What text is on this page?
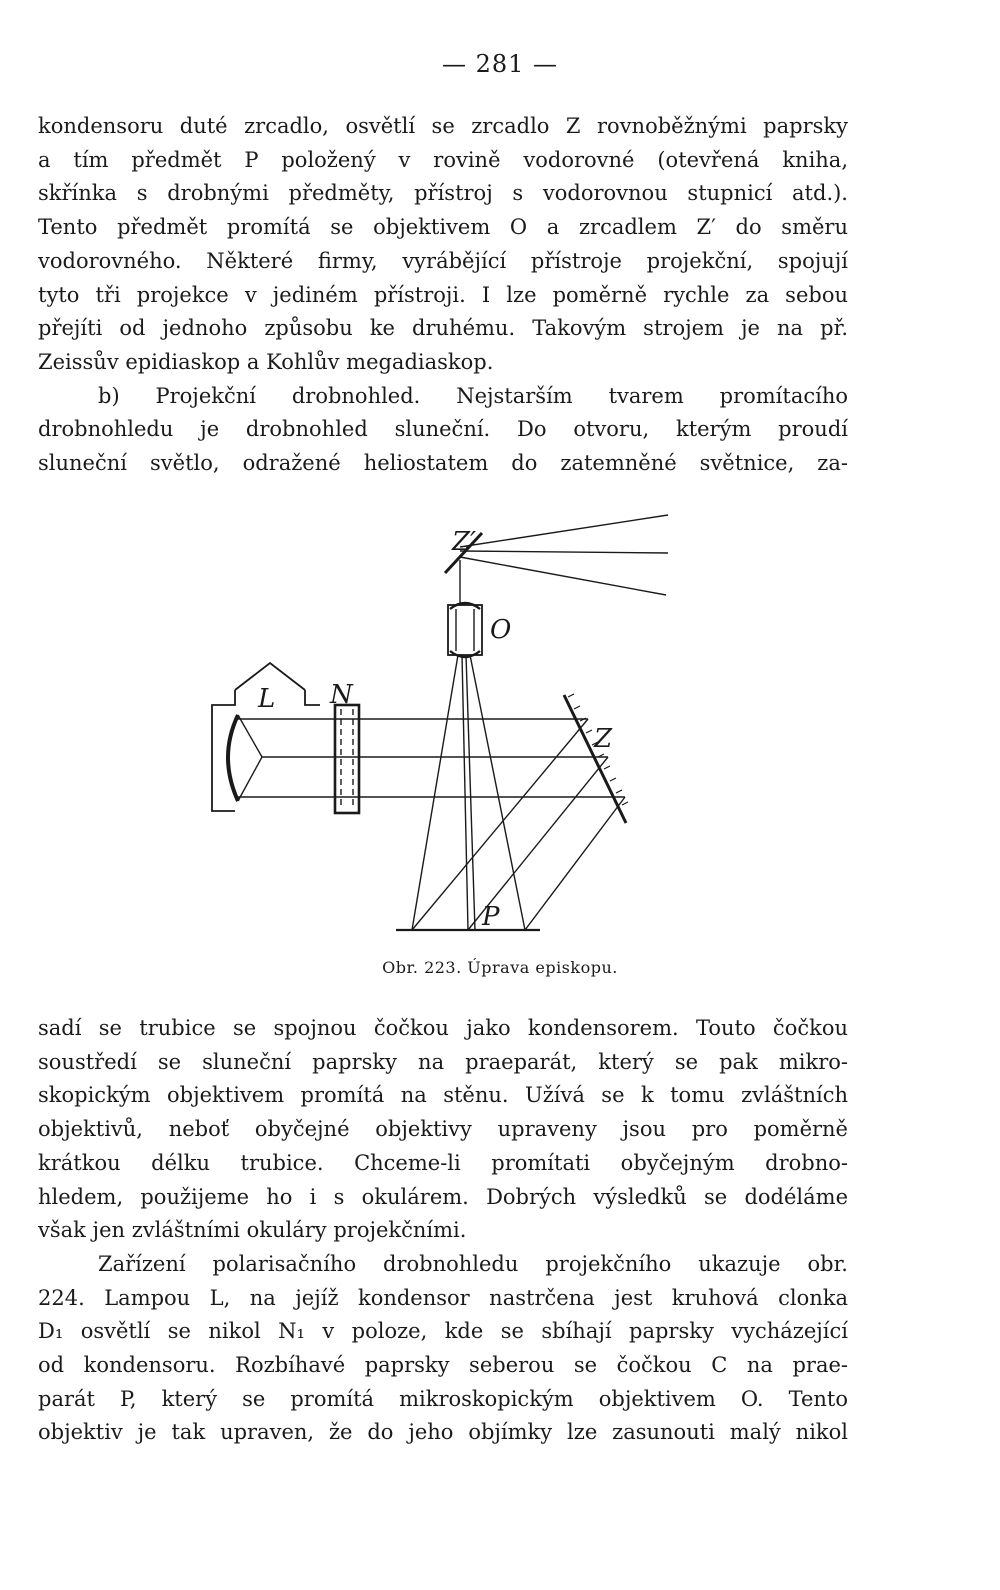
— 281 —

kondensoru duté zrcadlo, osvětlí se zrcadlo Z rovnoběžnými paprsky
a tím předmět P položený v rovině vodorovné (otevřená kniha,
skřínka s drobnými předměty, přístroj s vodorovnou stupnicí atd.).
Tento předmět promítá se objektivem O a zrcadlem Z′ do směru
vodorovného. Některé firmy, vyrábějící přístroje projekční, spojují
tyto tři projekce v jediném přístroji. I lze poměrně rychle za sebou
přejíti od jednoho způsobu ke druhému. Takovým strojem je na př.
Zeissův epidiaskop a Kohlův megadiaskop.

b) Projekční drobnohled. Nejstarším tvarem promítacího
drobnohledu je drobnohled sluneční. Do otvoru, kterým proudí
sluneční světlo, odražené heliostatem do zatemněné světnice, za-

Z′
O
L N
Z
P
Obr. 223. Úprava episkopu.

sadí se trubice se spojnou čočkou jako kondensorem. Touto čočkou
soustředí se sluneční paprsky na praeparát, který se pak mikro-
skopickým objektivem promítá na stěnu. Užívá se k tomu zvláštních
objektivů, neboť obyčejné objektivy upraveny jsou pro poměrně
krátkou délku trubice. Chceme-li promítati obyčejným drobno-
hledem, použijeme ho i s okulárem. Dobrých výsledků se dodéláme
však jen zvláštními okuláry projekčními.

Zařízení polarisačního drobnohledu projekčního ukazuje obr.
224. Lampou L, na jejíž kondensor nastrčena jest kruhová clonka
D₁ osvětlí se nikol N₁ v poloze, kde se sbíhají paprsky vycházející
od kondensoru. Rozbíhavé paprsky seberou se čočkou C na prae-
parát P, který se promítá mikroskopickým objektivem O. Tento
objektiv je tak upraven, že do jeho objímky lze zasunouti malý nikol
